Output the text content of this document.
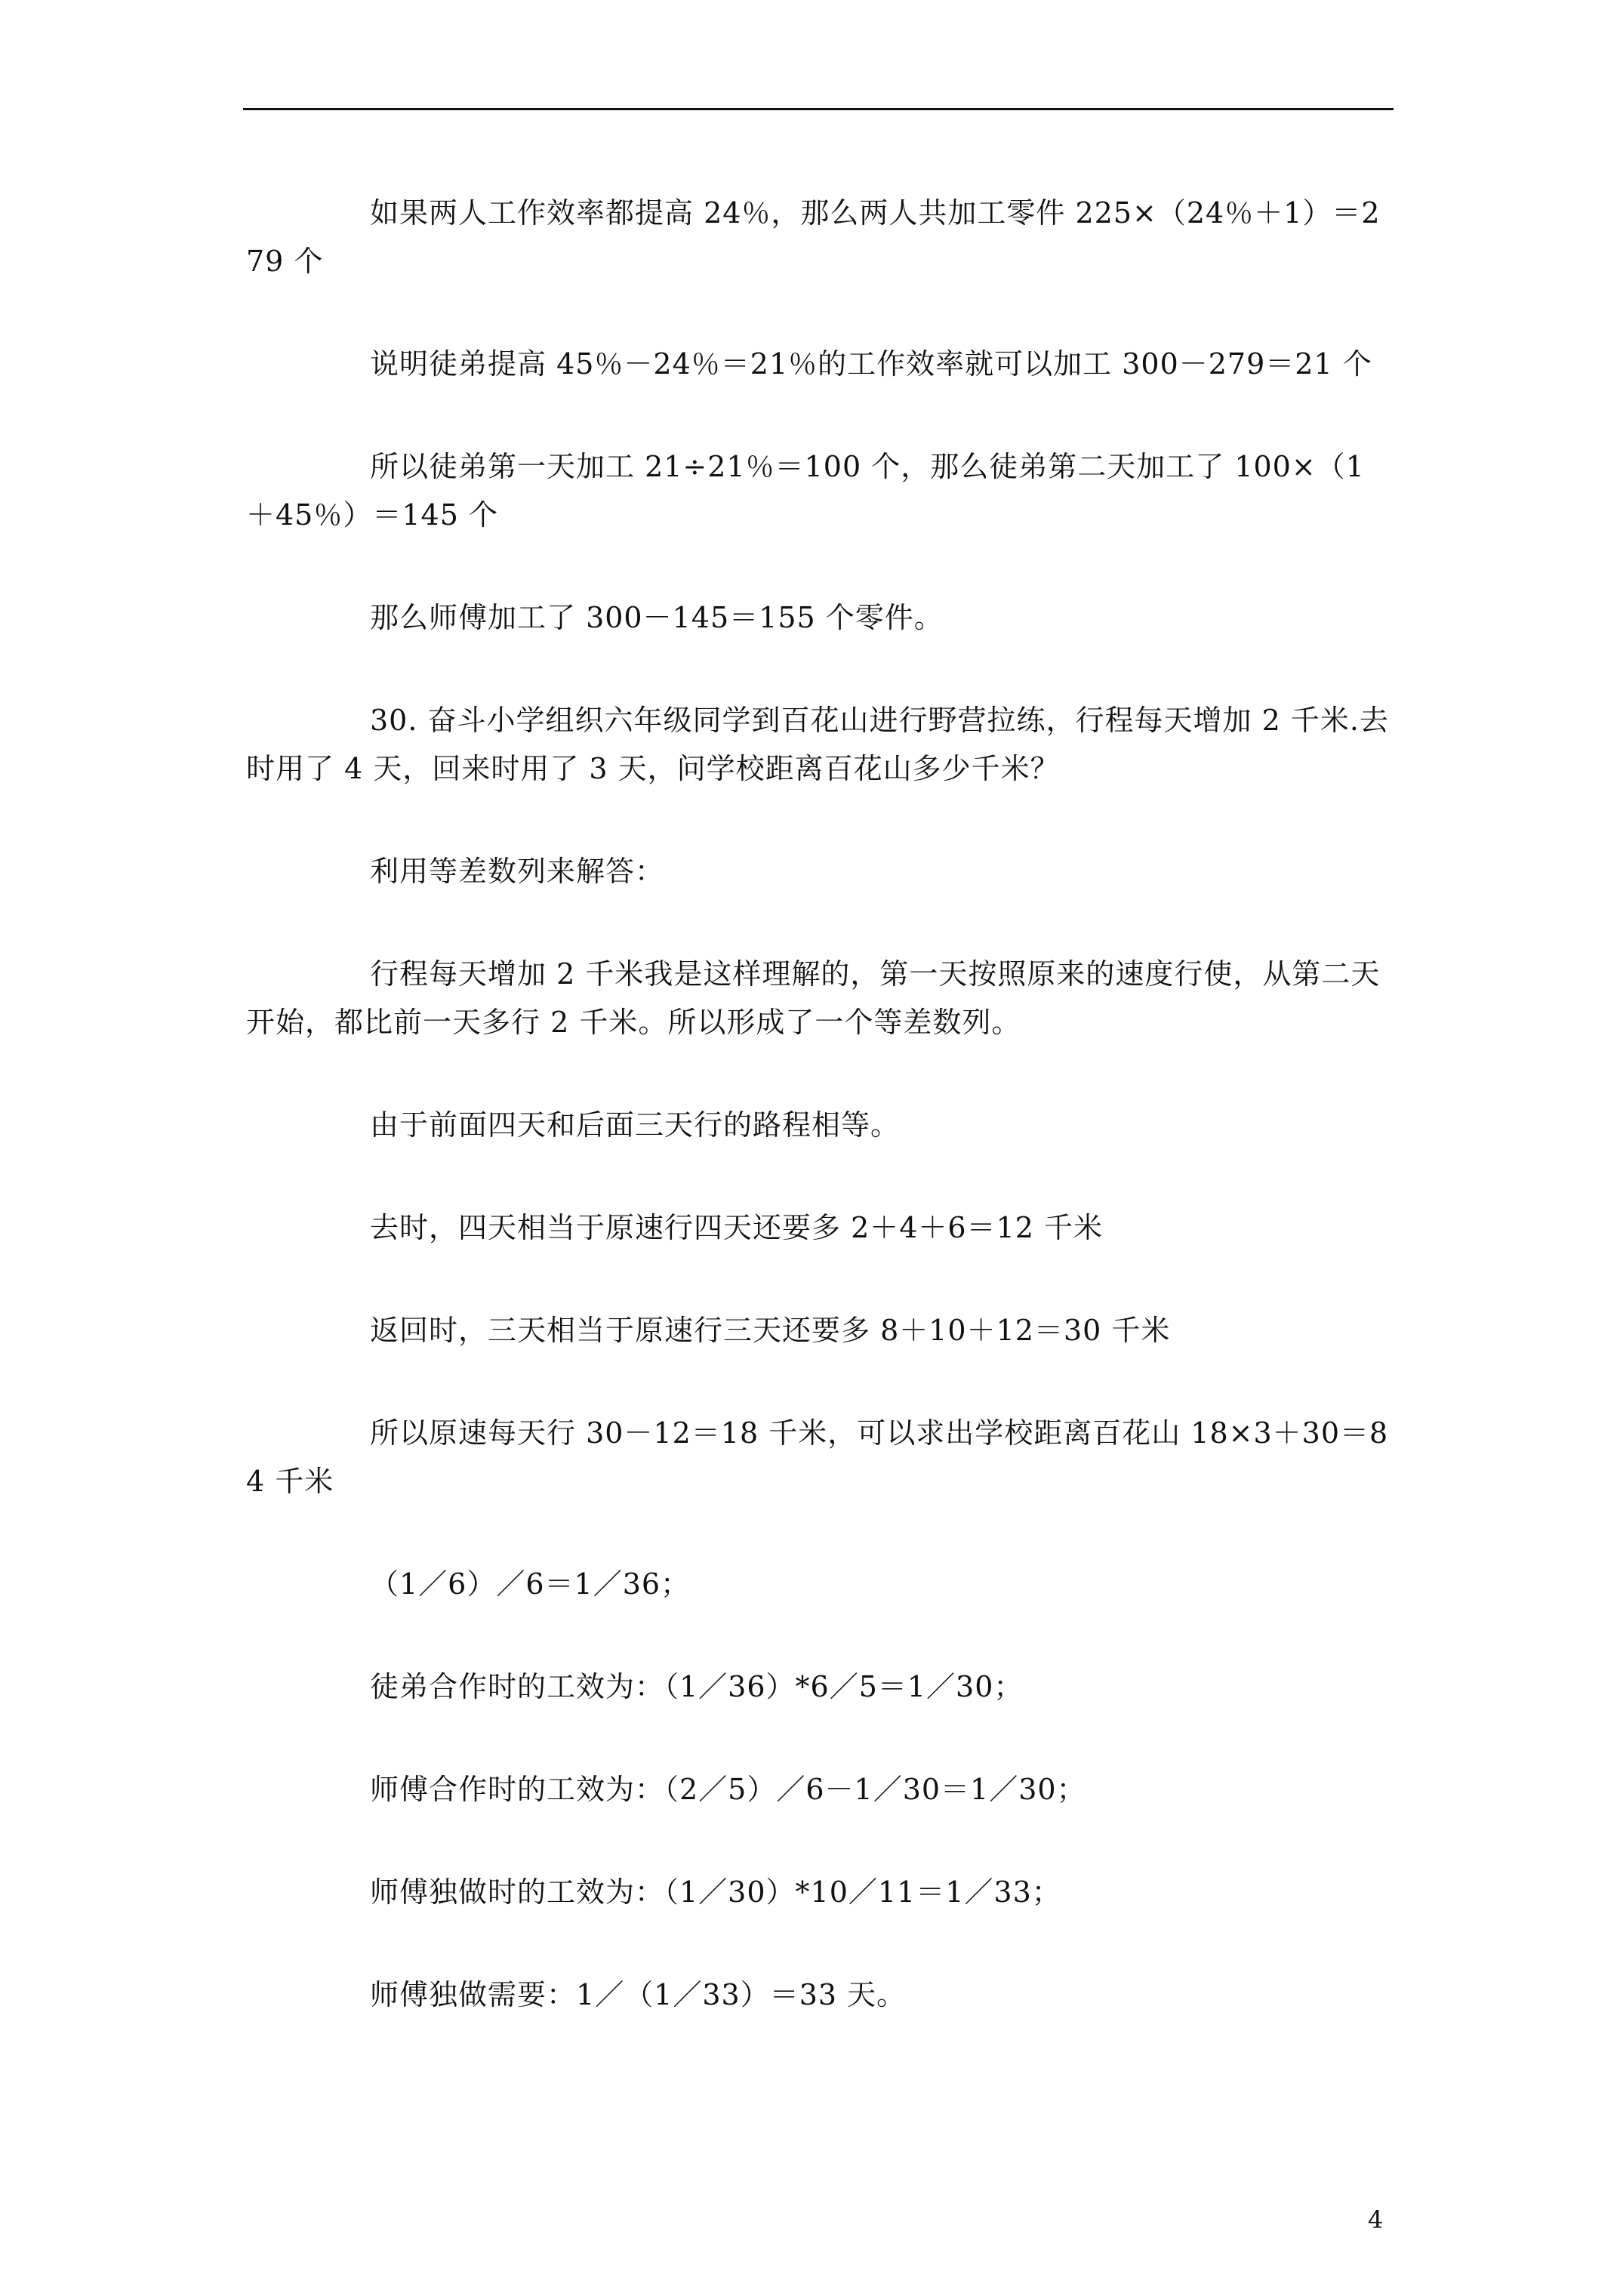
如果两人工作效率都提高 24％，那么两人共加工零件 225×（24％＋1）＝279 个

说明徒弟提高 45％－24％＝21％的工作效率就可以加工 300－279＝21 个

所以徒弟第一天加工 21÷21％＝100 个，那么徒弟第二天加工了 100×（1＋45％）＝145 个

那么师傅加工了 300－145＝155 个零件。

30. 奋斗小学组织六年级同学到百花山进行野营拉练，行程每天增加 2 千米.去时用了 4 天，回来时用了 3 天，问学校距离百花山多少千米？

利用等差数列来解答：

行程每天增加 2 千米我是这样理解的，第一天按照原来的速度行使，从第二天开始，都比前一天多行 2 千米。所以形成了一个等差数列。

由于前面四天和后面三天行的路程相等。

去时，四天相当于原速行四天还要多 2＋4＋6＝12 千米

返回时，三天相当于原速行三天还要多 8＋10＋12＝30 千米

所以原速每天行 30－12＝18 千米，可以求出学校距离百花山 18×3＋30＝84 千米

（1／6）／6＝1／36；

徒弟合作时的工效为：（1／36）*6／5＝1／30；

师傅合作时的工效为：（2／5）／6－1／30＝1／30；

师傅独做时的工效为：（1／30）*10／11＝1／33；

师傅独做需要：1／（1／33）＝33 天。

4
